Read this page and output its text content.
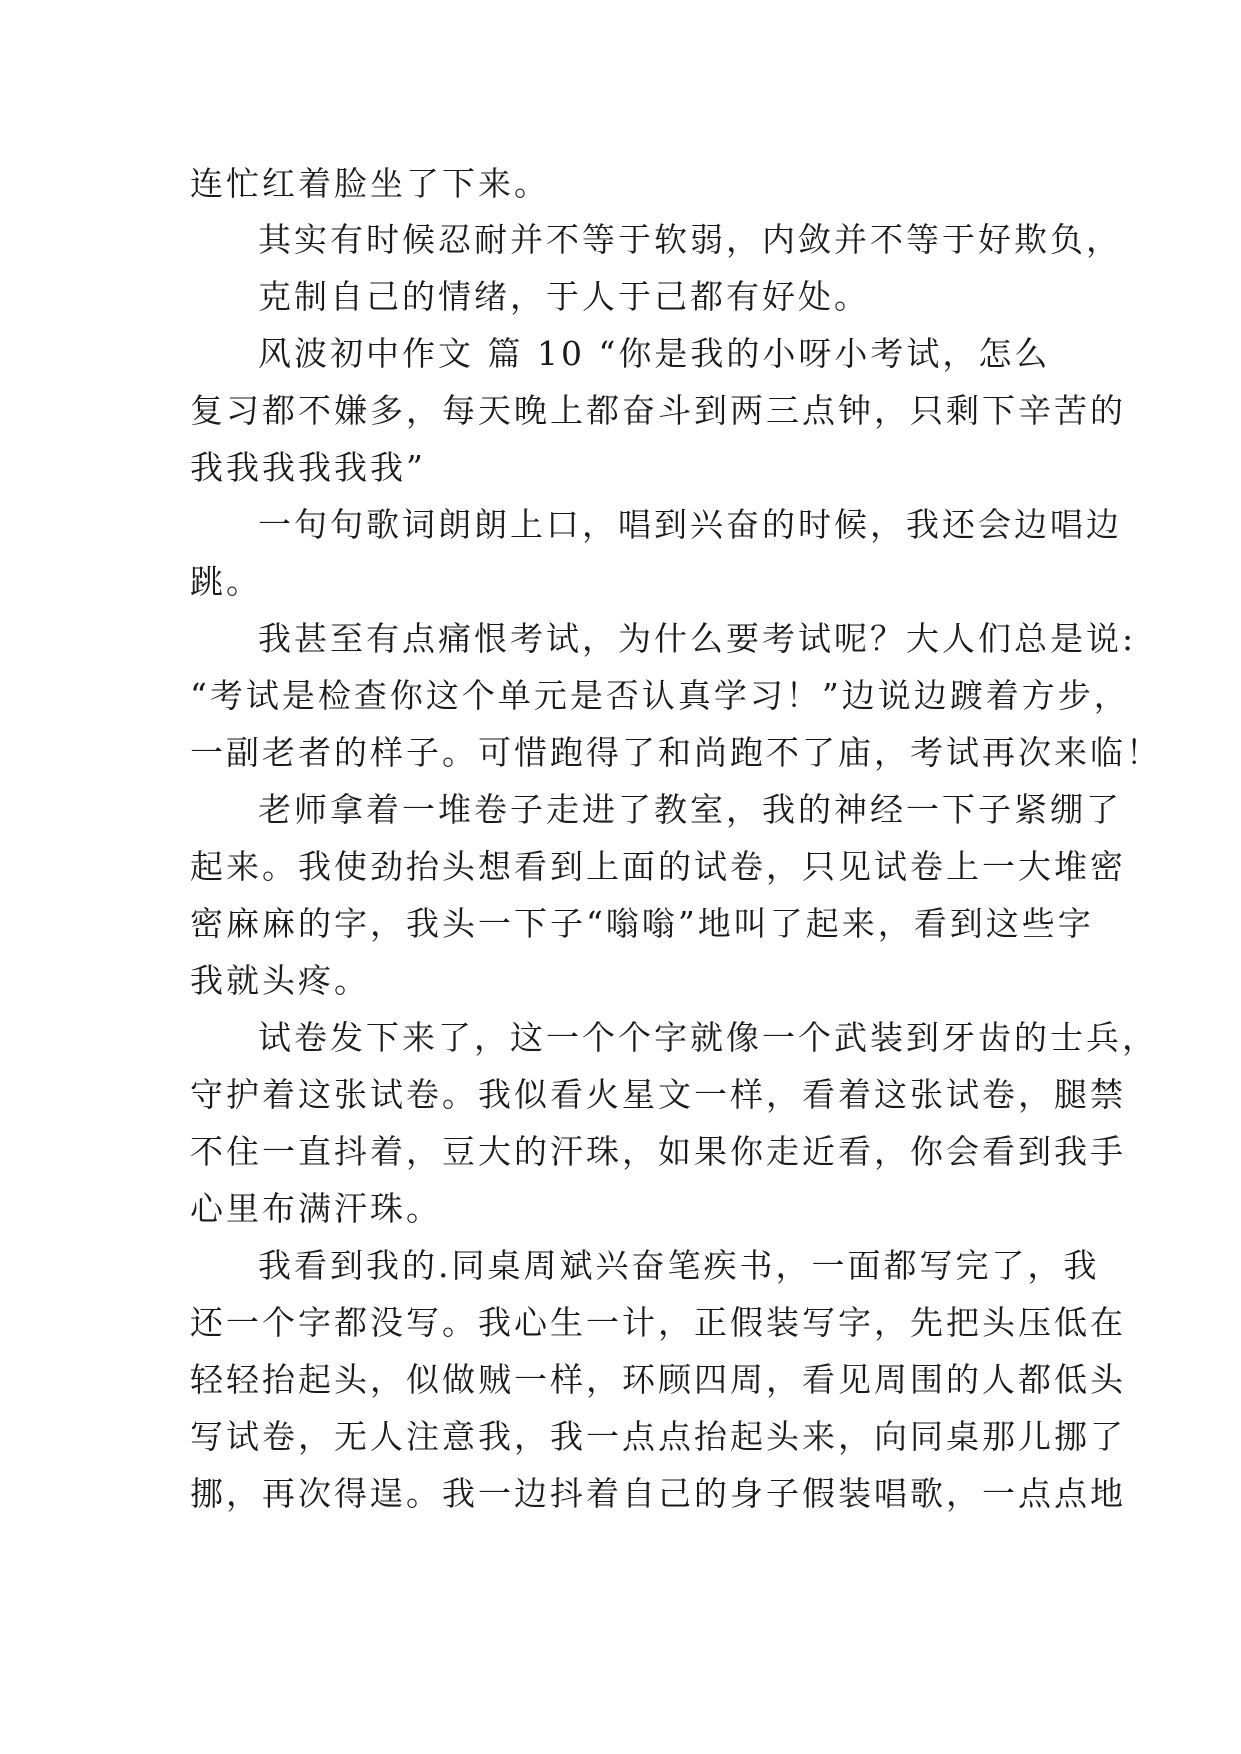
连忙红着脸坐了下来。
其实有时候忍耐并不等于软弱，内敛并不等于好欺负，
克制自己的情绪，于人于己都有好处。
风波初中作文 篇 10 “你是我的小呀小考试，怎么
复习都不嫌多，每天晚上都奋斗到两三点钟，只剩下辛苦的
我我我我我我”
一句句歌词朗朗上口，唱到兴奋的时候，我还会边唱边
跳。
我甚至有点痛恨考试，为什么要考试呢？大人们总是说:
“考试是检查你这个单元是否认真学习！”边说边踱着方步，
一副老者的样子。可惜跑得了和尚跑不了庙，考试再次来临！
老师拿着一堆卷子走进了教室，我的神经一下子紧绷了
起来。我使劲抬头想看到上面的试卷，只见试卷上一大堆密
密麻麻的字，我头一下子“嗡嗡”地叫了起来，看到这些字
我就头疼。
试卷发下来了，这一个个字就像一个武装到牙齿的士兵，
守护着这张试卷。我似看火星文一样，看着这张试卷，腿禁
不住一直抖着，豆大的汗珠，如果你走近看，你会看到我手
心里布满汗珠。
我看到我的.同桌周斌兴奋笔疾书，一面都写完了，我
还一个字都没写。我心生一计，正假装写字，先把头压低在
轻轻抬起头，似做贼一样，环顾四周，看见周围的人都低头
写试卷，无人注意我，我一点点抬起头来，向同桌那儿挪了
挪，再次得逞。我一边抖着自己的身子假装唱歌，一点点地
